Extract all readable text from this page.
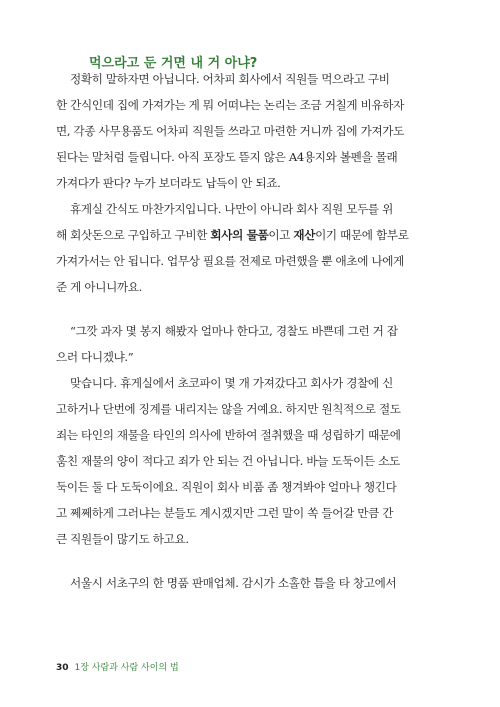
먹으라고 둔 거면 내 거 아냐?

정확히 말하자면 아닙니다. 어차피 회사에서 직원들 먹으라고 구비
한 간식인데 집에 가져가는 게 뭐 어떠냐는 논리는 조금 거칠게 비유하자
면, 각종 사무용품도 어차피 직원들 쓰라고 마련한 거니까 집에 가져가도
된다는 말처럼 들립니다. 아직 포장도 뜯지 않은 A4용지와 볼펜을 몰래
가져다가 판다? 누가 보더라도 납득이 안 되죠.

휴게실 간식도 마찬가지입니다. 나만이 아니라 회사 직원 모두를 위
해 회삿돈으로 구입하고 구비한 회사의 물품이고 재산이기 때문에 함부로
가져가서는 안 됩니다. 업무상 필요를 전제로 마련했을 뿐 애초에 나에게
준 게 아니니까요.

“그깟 과자 몇 봉지 해봤자 얼마나 한다고, 경찰도 바쁜데 그런 거 잡
으러 다니겠냐.”

맞습니다. 휴게실에서 초코파이 몇 개 가져갔다고 회사가 경찰에 신
고하거나 단번에 징계를 내리지는 않을 거예요. 하지만 원칙적으로 절도
죄는 타인의 재물을 타인의 의사에 반하여 절취했을 때 성립하기 때문에
훔친 재물의 양이 적다고 죄가 안 되는 건 아닙니다. 바늘 도둑이든 소도
둑이든 둘 다 도둑이에요. 직원이 회사 비품 좀 챙겨봐야 얼마나 챙긴다
고 쩨쩨하게 그러냐는 분들도 계시겠지만 그런 말이 쏙 들어갈 만큼 간
큰 직원들이 많기도 하고요.

서울시 서초구의 한 명품 판매업체. 감시가 소홀한 틈을 타 창고에서

30 1장 사람과 사람 사이의 법
